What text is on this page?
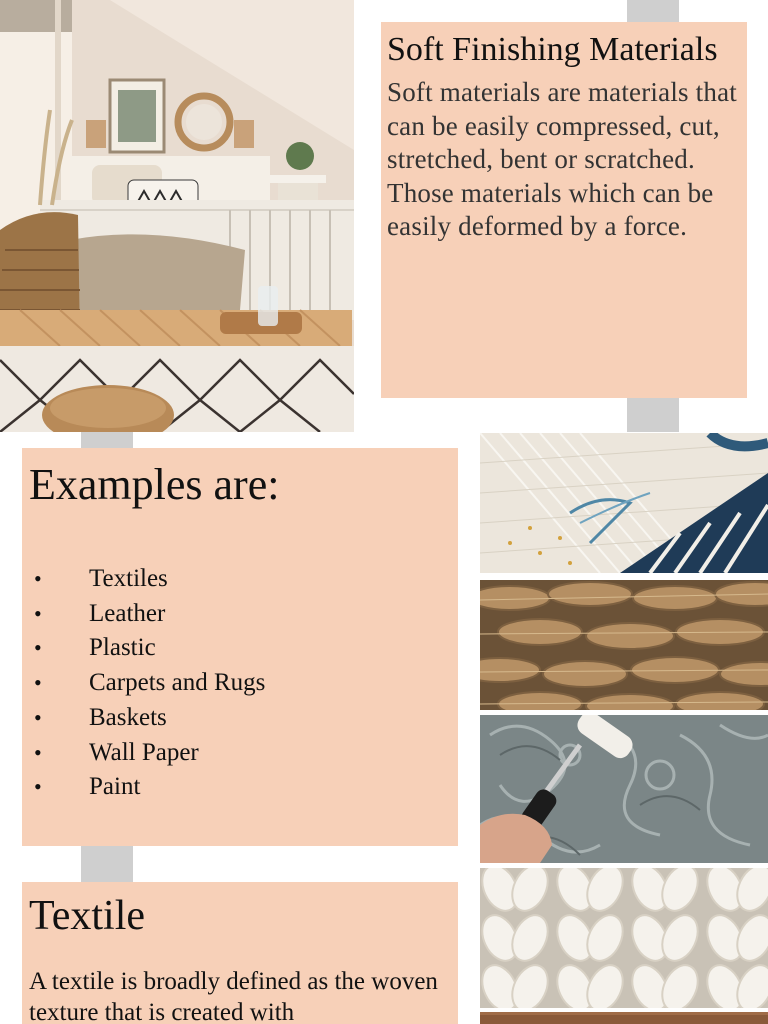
Soft Finishing Materials

Soft materials are materials that can be easily compressed, cut, stretched, bent or scratched.

Those materials which can be easily deformed by a force.

Examples are:
• Textiles
• Leather
• Plastic
• Carpets and Rugs
• Baskets
• Wall Paper
• Paint
Textile

A textile is broadly defined as the woven texture that is created with
